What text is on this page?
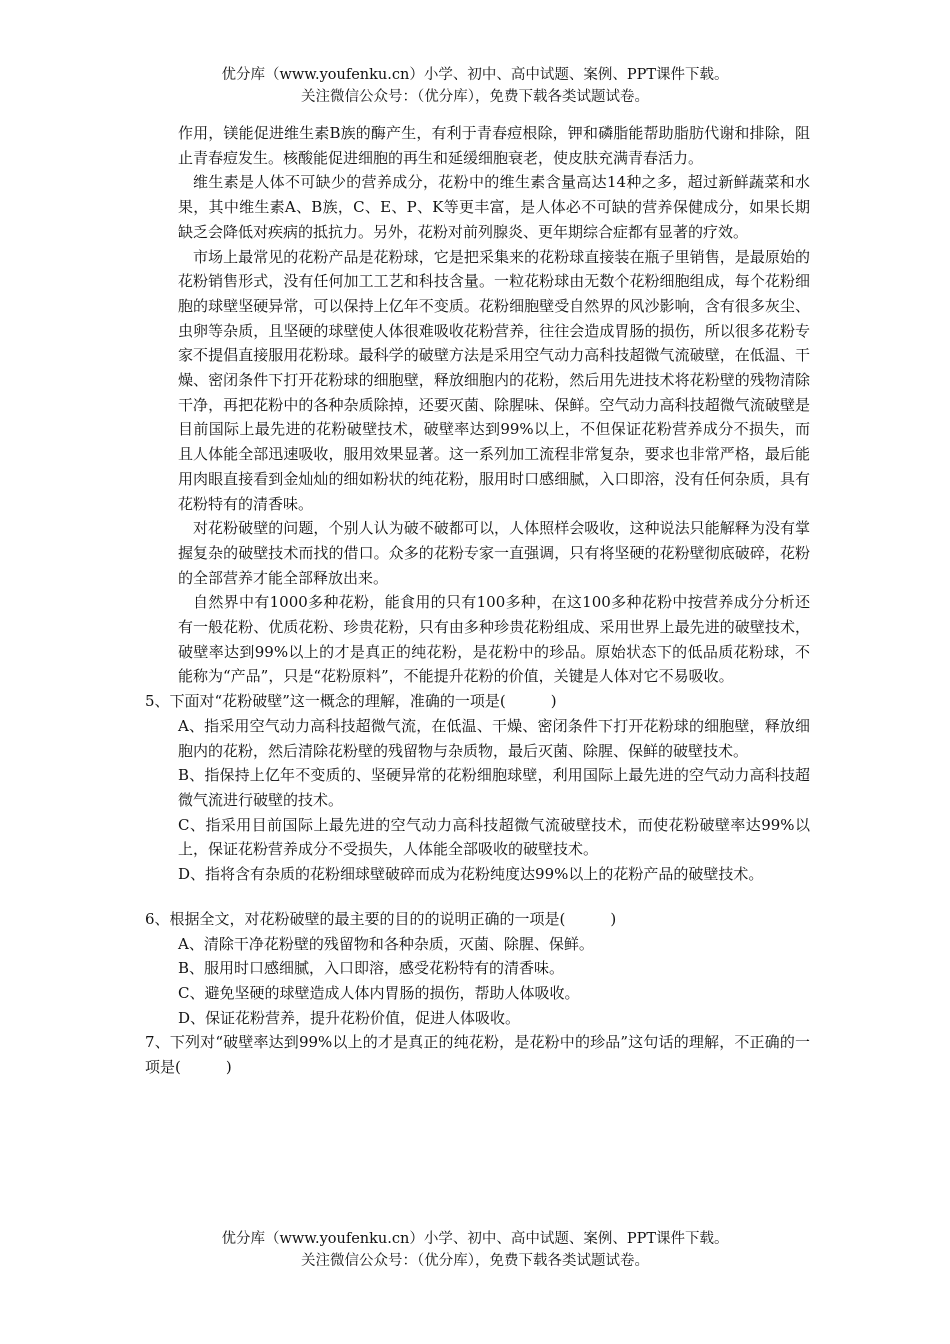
优分库（www.youfenku.cn）小学、初中、高中试题、案例、PPT课件下载。
关注微信公众号：（优分库），免费下载各类试题试卷。

作用，镁能促进维生素B族的酶产生，有利于青春痘根除，钾和磷脂能帮助脂肪代谢和排除，阻止青春痘发生。核酸能促进细胞的再生和延缓细胞衰老，使皮肤充满青春活力。

维生素是人体不可缺少的营养成分，花粉中的维生素含量高达14种之多，超过新鲜蔬菜和水果，其中维生素A、B族，C、E、P、K等更丰富，是人体必不可缺的营养保健成分，如果长期缺乏会降低对疾病的抵抗力。另外，花粉对前列腺炎、更年期综合症都有显著的疗效。

市场上最常见的花粉产品是花粉球，它是把采集来的花粉球直接装在瓶子里销售，是最原始的花粉销售形式，没有任何加工工艺和科技含量。一粒花粉球由无数个花粉细胞组成，每个花粉细胞的球壁坚硬异常，可以保持上亿年不变质。花粉细胞壁受自然界的风沙影响，含有很多灰尘、虫卵等杂质，且坚硬的球壁使人体很难吸收花粉营养，往往会造成胃肠的损伤，所以很多花粉专家不提倡直接服用花粉球。最科学的破壁方法是采用空气动力高科技超微气流破壁，在低温、干燥、密闭条件下打开花粉球的细胞壁，释放细胞内的花粉，然后用先进技术将花粉壁的残物清除干净，再把花粉中的各种杂质除掉，还要灭菌、除腥味、保鲜。空气动力高科技超微气流破壁是目前国际上最先进的花粉破壁技术，破壁率达到99%以上，不但保证花粉营养成分不损失，而且人体能全部迅速吸收，服用效果显著。这一系列加工流程非常复杂，要求也非常严格，最后能用肉眼直接看到金灿灿的细如粉状的纯花粉，服用时口感细腻，入口即溶，没有任何杂质，具有花粉特有的清香味。

对花粉破壁的问题，个别人认为破不破都可以，人体照样会吸收，这种说法只能解释为没有掌握复杂的破壁技术而找的借口。众多的花粉专家一直强调，只有将坚硬的花粉壁彻底破碎，花粉的全部营养才能全部释放出来。

自然界中有1000多种花粉，能食用的只有100多种，在这100多种花粉中按营养成分分析还有一般花粉、优质花粉、珍贵花粉，只有由多种珍贵花粉组成、采用世界上最先进的破壁技术，破壁率达到99%以上的才是真正的纯花粉，是花粉中的珍品。原始状态下的低品质花粉球，不能称为“产品”，只是“花粉原料”，不能提升花粉的价值，关键是人体对它不易吸收。

5、下面对“花粉破壁”这一概念的理解，准确的一项是(　　　)

A、指采用空气动力高科技超微气流，在低温、干燥、密闭条件下打开花粉球的细胞壁，释放细胞内的花粉，然后清除花粉壁的残留物与杂质物，最后灭菌、除腥、保鲜的破壁技术。

B、指保持上亿年不变质的、坚硬异常的花粉细胞球壁，利用国际上最先进的空气动力高科技超微气流进行破壁的技术。

C、指采用目前国际上最先进的空气动力高科技超微气流破壁技术，而使花粉破壁率达99%以上，保证花粉营养成分不受损失，人体能全部吸收的破壁技术。

D、指将含有杂质的花粉细球壁破碎而成为花粉纯度达99%以上的花粉产品的破壁技术。

6、根据全文，对花粉破壁的最主要的目的的说明正确的一项是(　　　)

A、清除干净花粉壁的残留物和各种杂质，灭菌、除腥、保鲜。

B、服用时口感细腻，入口即溶，感受花粉特有的清香味。

C、避免坚硬的球壁造成人体内胃肠的损伤，帮助人体吸收。

D、保证花粉营养，提升花粉价值，促进人体吸收。

7、下列对“破壁率达到99%以上的才是真正的纯花粉，是花粉中的珍品”这句话的理解，不正确的一项是(　　　)

优分库（www.youfenku.cn）小学、初中、高中试题、案例、PPT课件下载。
关注微信公众号：（优分库），免费下载各类试题试卷。
